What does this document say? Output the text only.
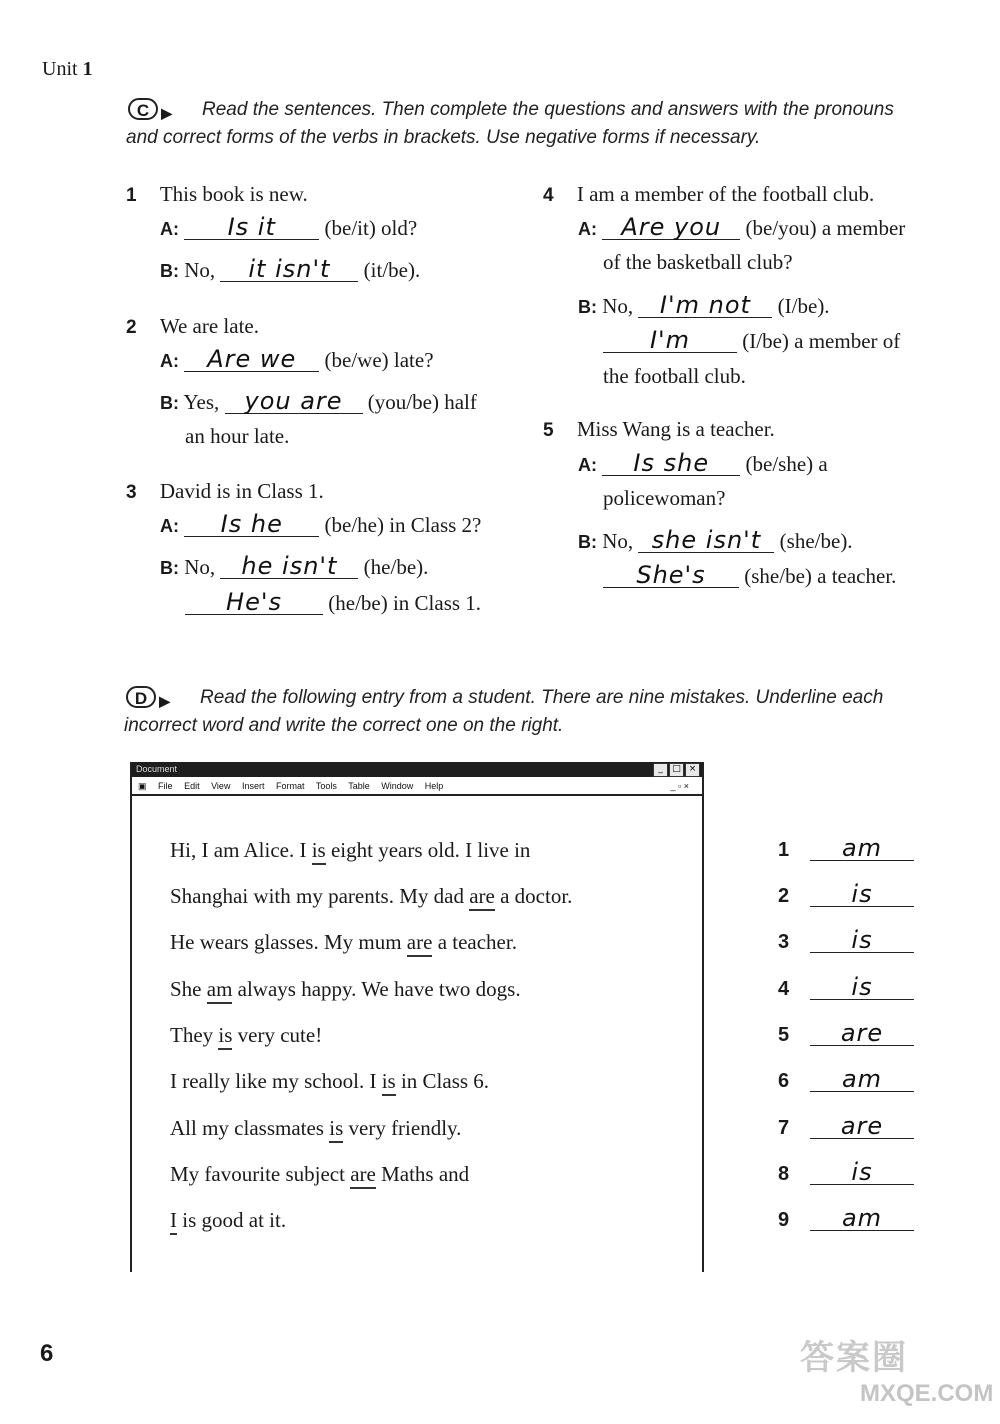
Unit 1
C ▶ Read the sentences. Then complete the questions and answers with the pronouns
and correct forms of the verbs in brackets. Use negative forms if necessary.
1 This book is new.
A: Is it (be/it) old?
B: No, it isn't (it/be).
2 We are late.
A: Are we (be/we) late?
B: Yes, you are (you/be) half
an hour late.
3 David is in Class 1.
A: Is he (be/he) in Class 2?
B: No, he isn't (he/be).
He's (he/be) in Class 1.
4 I am a member of the football club.
A: Are you (be/you) a member
of the basketball club?
B: No, I'm not (I/be).
I'm (I/be) a member of
the football club.
5 Miss Wang is a teacher.
A: Is she (be/she) a
policewoman?
B: No, she isn't (she/be).
She's (she/be) a teacher.
D ▶ Read the following entry from a student. There are nine mistakes. Underline each
incorrect word and write the correct one on the right.
Document	_	□ ×
▣ File Edit View Insert Format Tools Table Window Help	_ ▫ ×
Hi, I am Alice. I is eight years old. I live in
Shanghai with my parents. My dad are a doctor.
He wears glasses. My mum are a teacher.
She am always happy. We have two dogs.
They is very cute!
I really like my school. I is in Class 6.
All my classmates is very friendly.
My favourite subject are Maths and
I is good at it.
1 am
2	is
3	is
4	is
5 are
6 am
7 are
8	is
9 am
6	答案圈
MXQE.COM
